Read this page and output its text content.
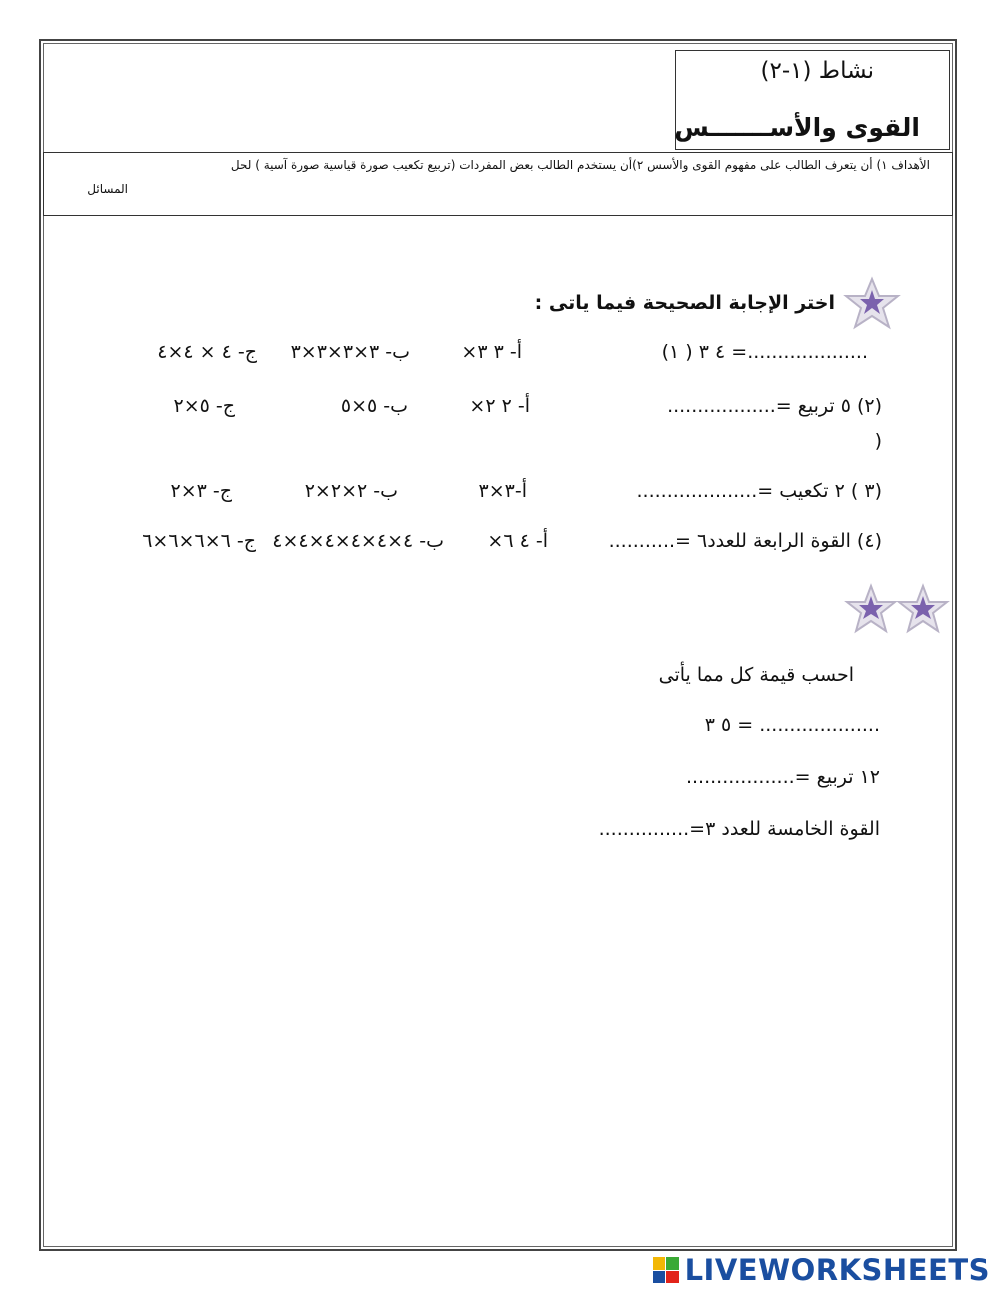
نشاط (١-٢)
القوى والأســـــــس
الأهداف ١) أن يتعرف الطالب على مفهوم القوى والأسس ٢)أن يستخدم الطالب بعض المفردات (تربيع تكعيب صورة قياسية صورة آسية ) لحل
المسائل
اختر الإجابة الصحيحة فيما ياتى :
(١ ) ٤ ٣ =....................
أ- ٣ ٣×
ب- ٣×٣×٣×٣
ج- ٤ × ٤×٤
(٢) ٥ تربيع =..................
أ- ٢ ٢×
ب- ٥×٥
ج- ٥×٢
)
(٣ ) ٢ تكعيب =....................
أ-٣×٣
ب- ٢×٢×٢
ج- ٣×٢
(٤) القوة الرابعة للعدد٦ =...........
أ- ٤ ٦×
ب- ٤×٤×٤×٤×٤×٤
ج- ٦×٦×٦×٦
احسب قيمة كل مما يأتى
٥ ٣ = ....................
١٢ تربيع =..................
القوة الخامسة للعدد ٣=...............
LIVEWORKSHEETS
